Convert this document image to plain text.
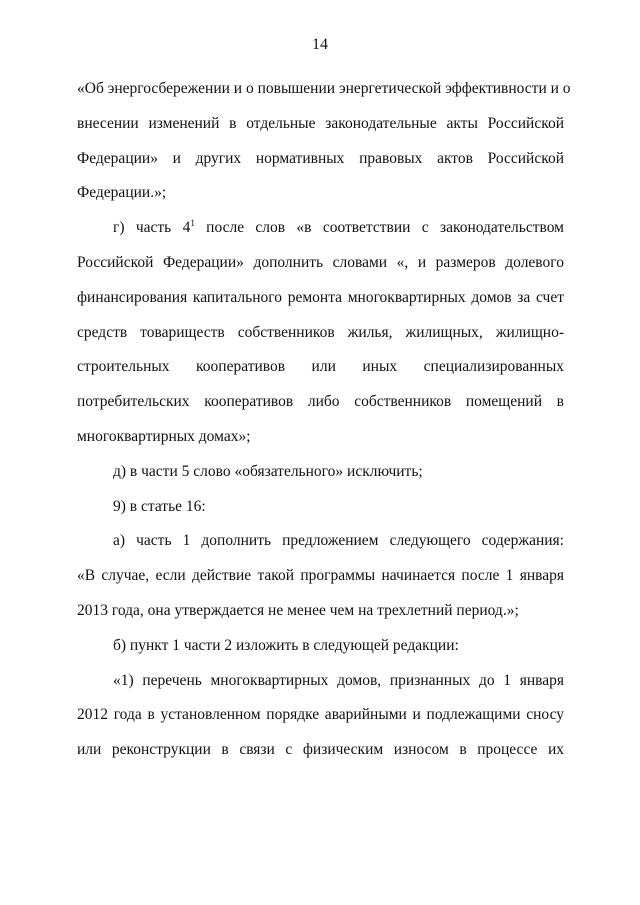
14
«Об энергосбережении и о повышении энергетической эффективности и о
внесении изменений в отдельные законодательные акты Российской
Федерации» и других нормативных правовых актов Российской
Федерации.»;
г) часть $4^1$ после слов «в соответствии с законодательством
Российской Федерации» дополнить словами «, и размеров долевого
финансирования капитального ремонта многоквартирных домов за счет
средств товариществ собственников жилья, жилищных, жилищно-
строительных кооперативов или иных специализированных
потребительских кооперативов либо собственников помещений в
многоквартирных домах»;
д) в части 5 слово «обязательного» исключить;
9) в статье 16:
а) часть 1 дополнить предложением следующего содержания:
«В случае, если действие такой программы начинается после 1 января
2013 года, она утверждается не менее чем на трехлетний период.»;
б) пункт 1 части 2 изложить в следующей редакции:
«1) перечень многоквартирных домов, признанных до 1 января
2012 года в установленном порядке аварийными и подлежащими сносу
или реконструкции в связи с физическим износом в процессе их
